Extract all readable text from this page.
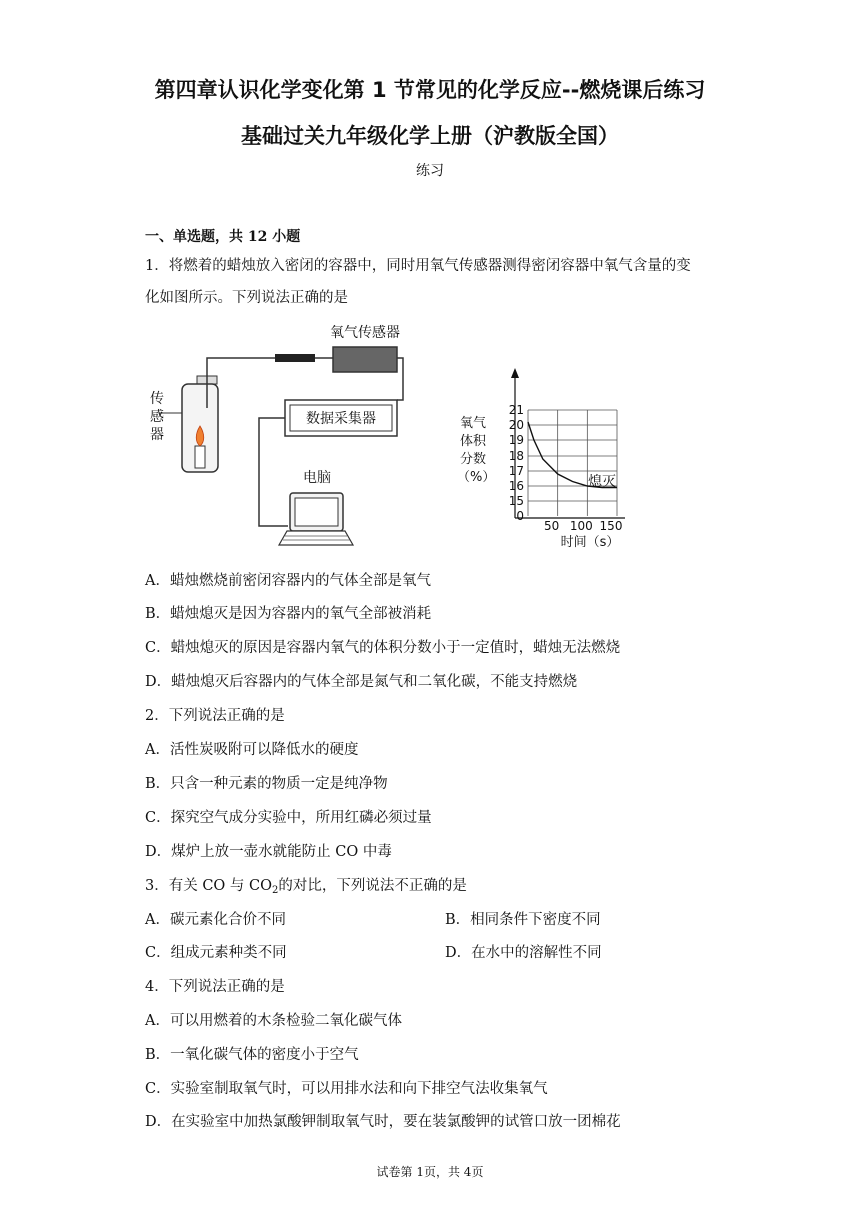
第四章认识化学变化第 1 节常见的化学反应--燃烧课后练习
基础过关九年级化学上册（沪教版全国）
练习
一、单选题，共 12 小题
1．将燃着的蜡烛放入密闭的容器中，同时用氧气传感器测得密闭容器中氧气含量的变
化如图所示。下列说法正确的是
氧气传感器
数据采集器
传感器
电脑
21
20
19
18
17
16
15
0
50 100 150
氧气体积分数（%）	熄灭
时间（s）
A．蜡烛燃烧前密闭容器内的气体全部是氧气
B．蜡烛熄灭是因为容器内的氧气全部被消耗
C．蜡烛熄灭的原因是容器内氧气的体积分数小于一定值时，蜡烛无法燃烧
D．蜡烛熄灭后容器内的气体全部是氮气和二氧化碳，不能支持燃烧
2．下列说法正确的是
A．活性炭吸附可以降低水的硬度
B．只含一种元素的物质一定是纯净物
C．探究空气成分实验中，所用红磷必须过量
D．煤炉上放一壶水就能防止 CO 中毒
3．有关 CO 与 $CO_2$的对比，下列说法不正确的是
A．碳元素化合价不同	B．相同条件下密度不同
C．组成元素种类不同	D．在水中的溶解性不同
4．下列说法正确的是
A．可以用燃着的木条检验二氧化碳气体
B．一氧化碳气体的密度小于空气
C．实验室制取氧气时，可以用排水法和向下排空气法收集氧气
D．在实验室中加热氯酸钾制取氧气时，要在装氯酸钾的试管口放一团棉花
试卷第 1页，共 4页
